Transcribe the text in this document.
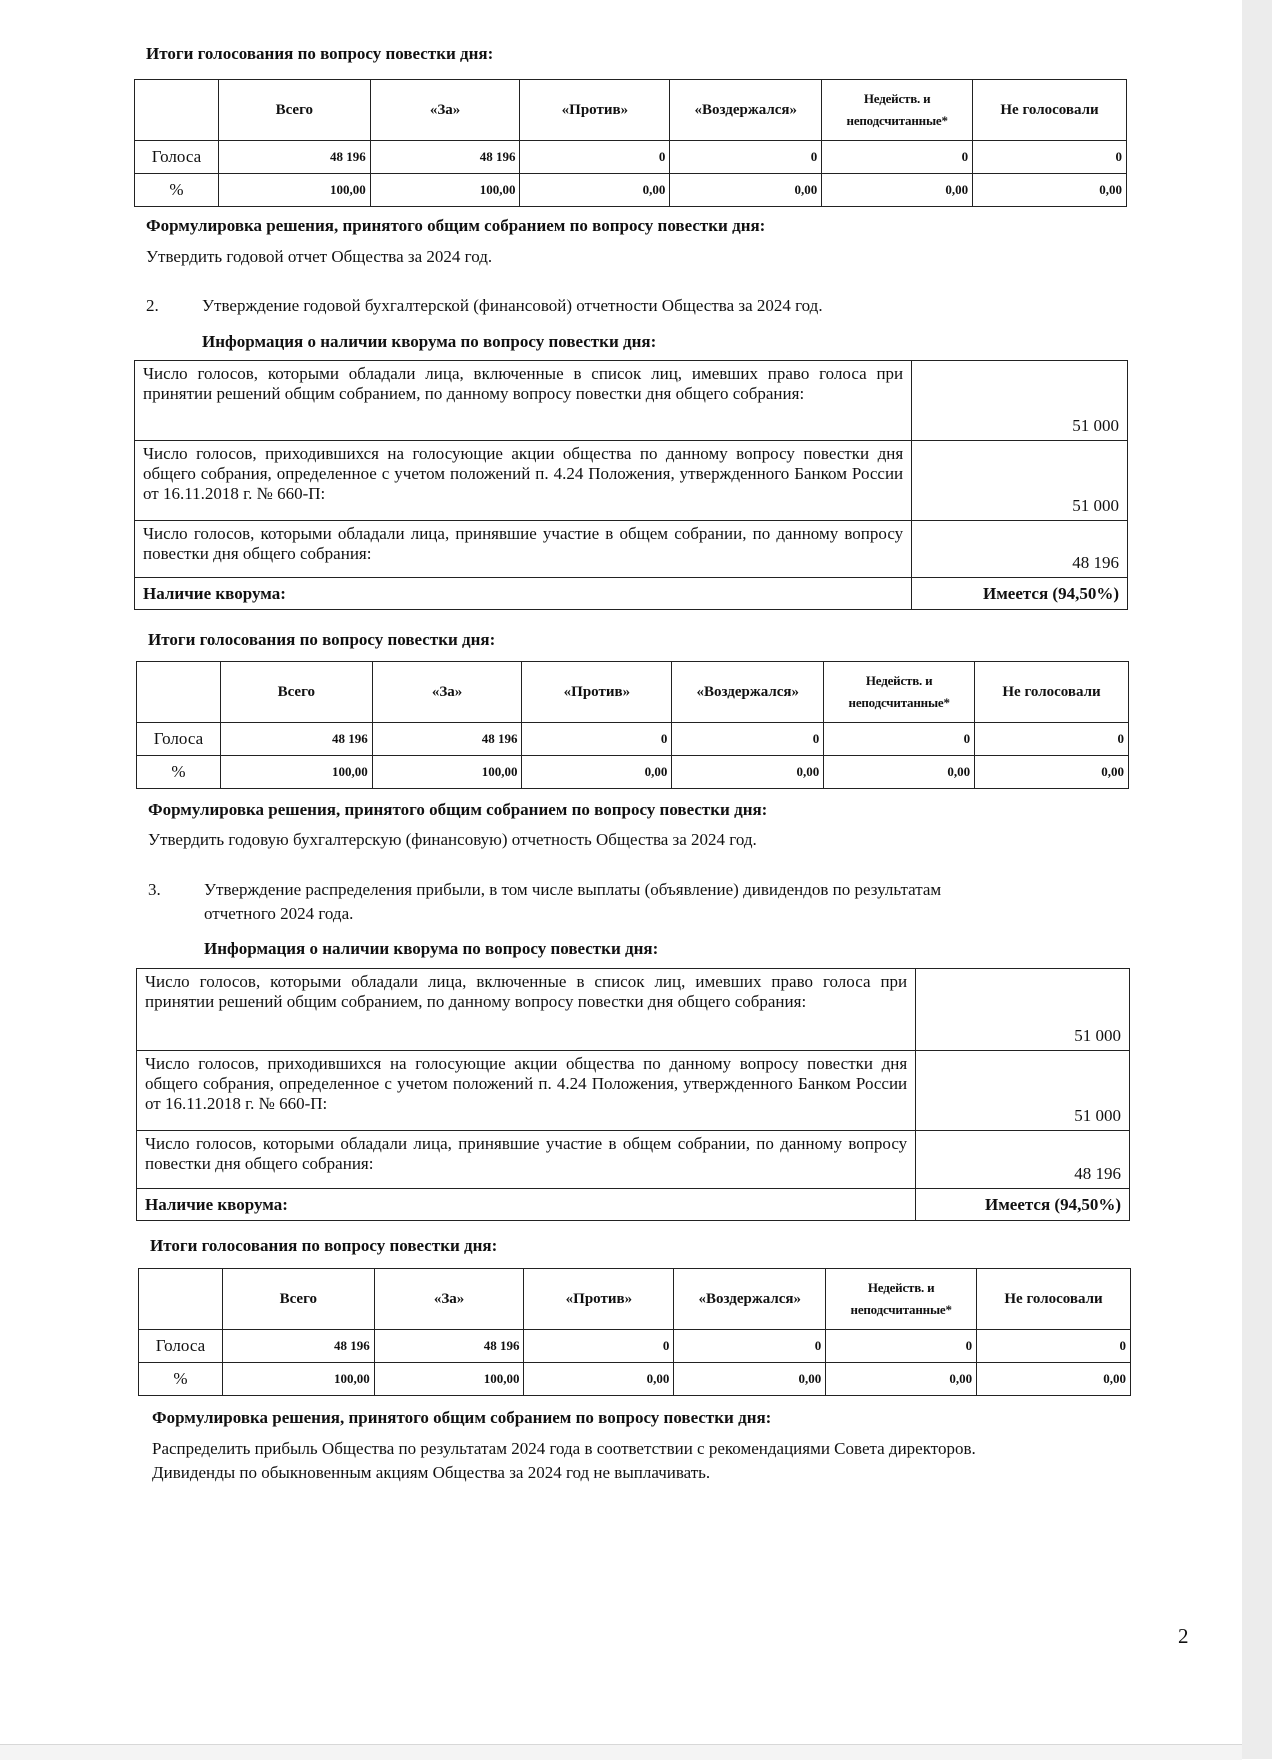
Итоги голосования по вопросу повестки дня:
	Всего	«За»	«Против»	«Воздержался»	Недейств. и неподсчитанные*	Не голосовали
Голоса	48 196	48 196	0	0	0	0
%	100,00	100,00	0,00	0,00	0,00	0,00
Формулировка решения, принятого общим собранием по вопросу повестки дня:
Утвердить годовой отчет Общества за 2024 год.
2.	Утверждение годовой бухгалтерской (финансовой) отчетности Общества за 2024 год.
Информация о наличии кворума по вопросу повестки дня:
Число голосов, которыми обладали лица, включенные в список лиц, имевших право голоса при принятии решений общим собранием, по данному вопросу повестки дня общего собрания:	51 000
Число голосов, приходившихся на голосующие акции общества по данному вопросу повестки дня общего собрания, определенное с учетом положений п. 4.24 Положения, утвержденного Банком России от 16.11.2018 г. № 660-П:	51 000
Число голосов, которыми обладали лица, принявшие участие в общем собрании, по данному вопросу повестки дня общего собрания:	48 196
Наличие кворума:	Имеется (94,50%)
Итоги голосования по вопросу повестки дня:
	Всего	«За»	«Против»	«Воздержался»	Недейств. и неподсчитанные*	Не голосовали
Голоса	48 196	48 196	0	0	0	0
%	100,00	100,00	0,00	0,00	0,00	0,00
Формулировка решения, принятого общим собранием по вопросу повестки дня:
Утвердить годовую бухгалтерскую (финансовую) отчетность Общества за 2024 год.
3.	Утверждение распределения прибыли, в том числе выплаты (объявление) дивидендов по результатам
отчетного 2024 года.
Информация о наличии кворума по вопросу повестки дня:
Число голосов, которыми обладали лица, включенные в список лиц, имевших право голоса при принятии решений общим собранием, по данному вопросу повестки дня общего собрания:	51 000
Число голосов, приходившихся на голосующие акции общества по данному вопросу повестки дня общего собрания, определенное с учетом положений п. 4.24 Положения, утвержденного Банком России от 16.11.2018 г. № 660-П:	51 000
Число голосов, которыми обладали лица, принявшие участие в общем собрании, по данному вопросу повестки дня общего собрания:	48 196
Наличие кворума:	Имеется (94,50%)
Итоги голосования по вопросу повестки дня:
	Всего	«За»	«Против»	«Воздержался»	Недейств. и неподсчитанные*	Не голосовали
Голоса	48 196	48 196	0	0	0	0
%	100,00	100,00	0,00	0,00	0,00	0,00
Формулировка решения, принятого общим собранием по вопросу повестки дня:
Распределить прибыль Общества по результатам 2024 года в соответствии с рекомендациями Совета директоров.
Дивиденды по обыкновенным акциям Общества за 2024 год не выплачивать.
2
